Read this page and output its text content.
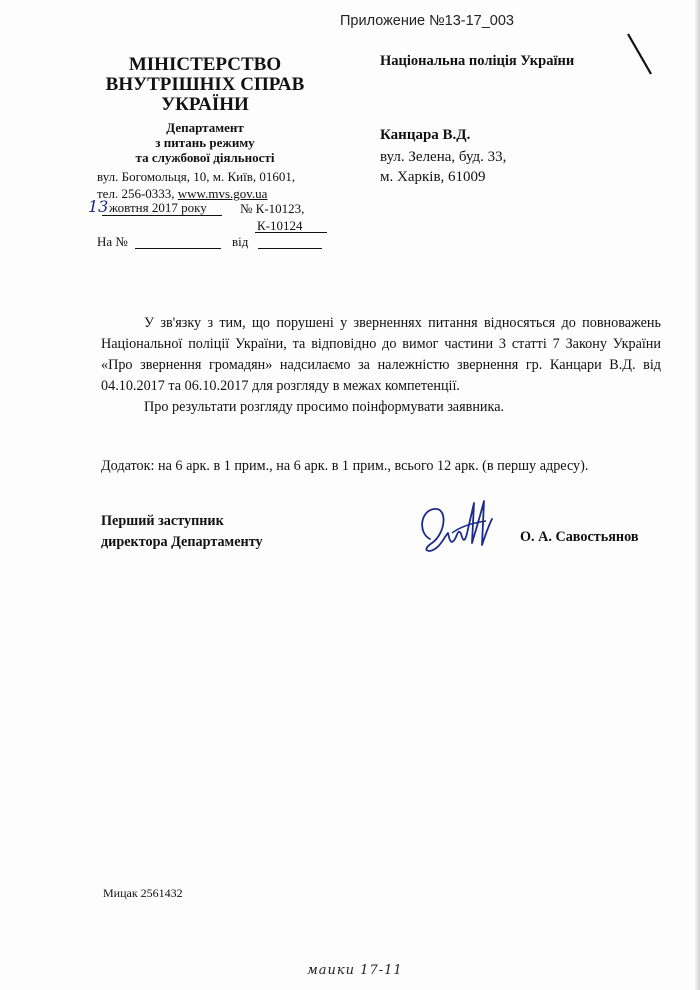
Приложение №13-17_003
МІНІСТЕРСТВО
ВНУТРІШНІХ СПРАВ
УКРАЇНИ
Департамент
з питань режиму
та службової діяльності
вул. Богомольця, 10, м. Київ, 01601,
тел. 256-0333, www.mvs.gov.ua
13 жовтня 2017 року	№ К-10123,
К-10124
На №	від
Національна поліція України
Канцара В.Д.
вул. Зелена, буд. 33,
м. Харків, 61009

У зв'язку з тим, що порушені у зверненнях питання відносяться до повноважень Національної поліції України, та відповідно до вимог частини 3 статті 7 Закону України «Про звернення громадян» надсилаємо за належністю звернення гр. Канцари В.Д. від 04.10.2017 та 06.10.2017 для розгляду в межах компетенції.

Про результати розгляду просимо поінформувати заявника.

Додаток: на 6 арк. в 1 прим., на 6 арк. в 1 прим., всього 12 арк. (в першу адресу).
Перший заступник
директора Департаменту	О. А. Савостьянов
Мицак 2561432
маики 17-11
